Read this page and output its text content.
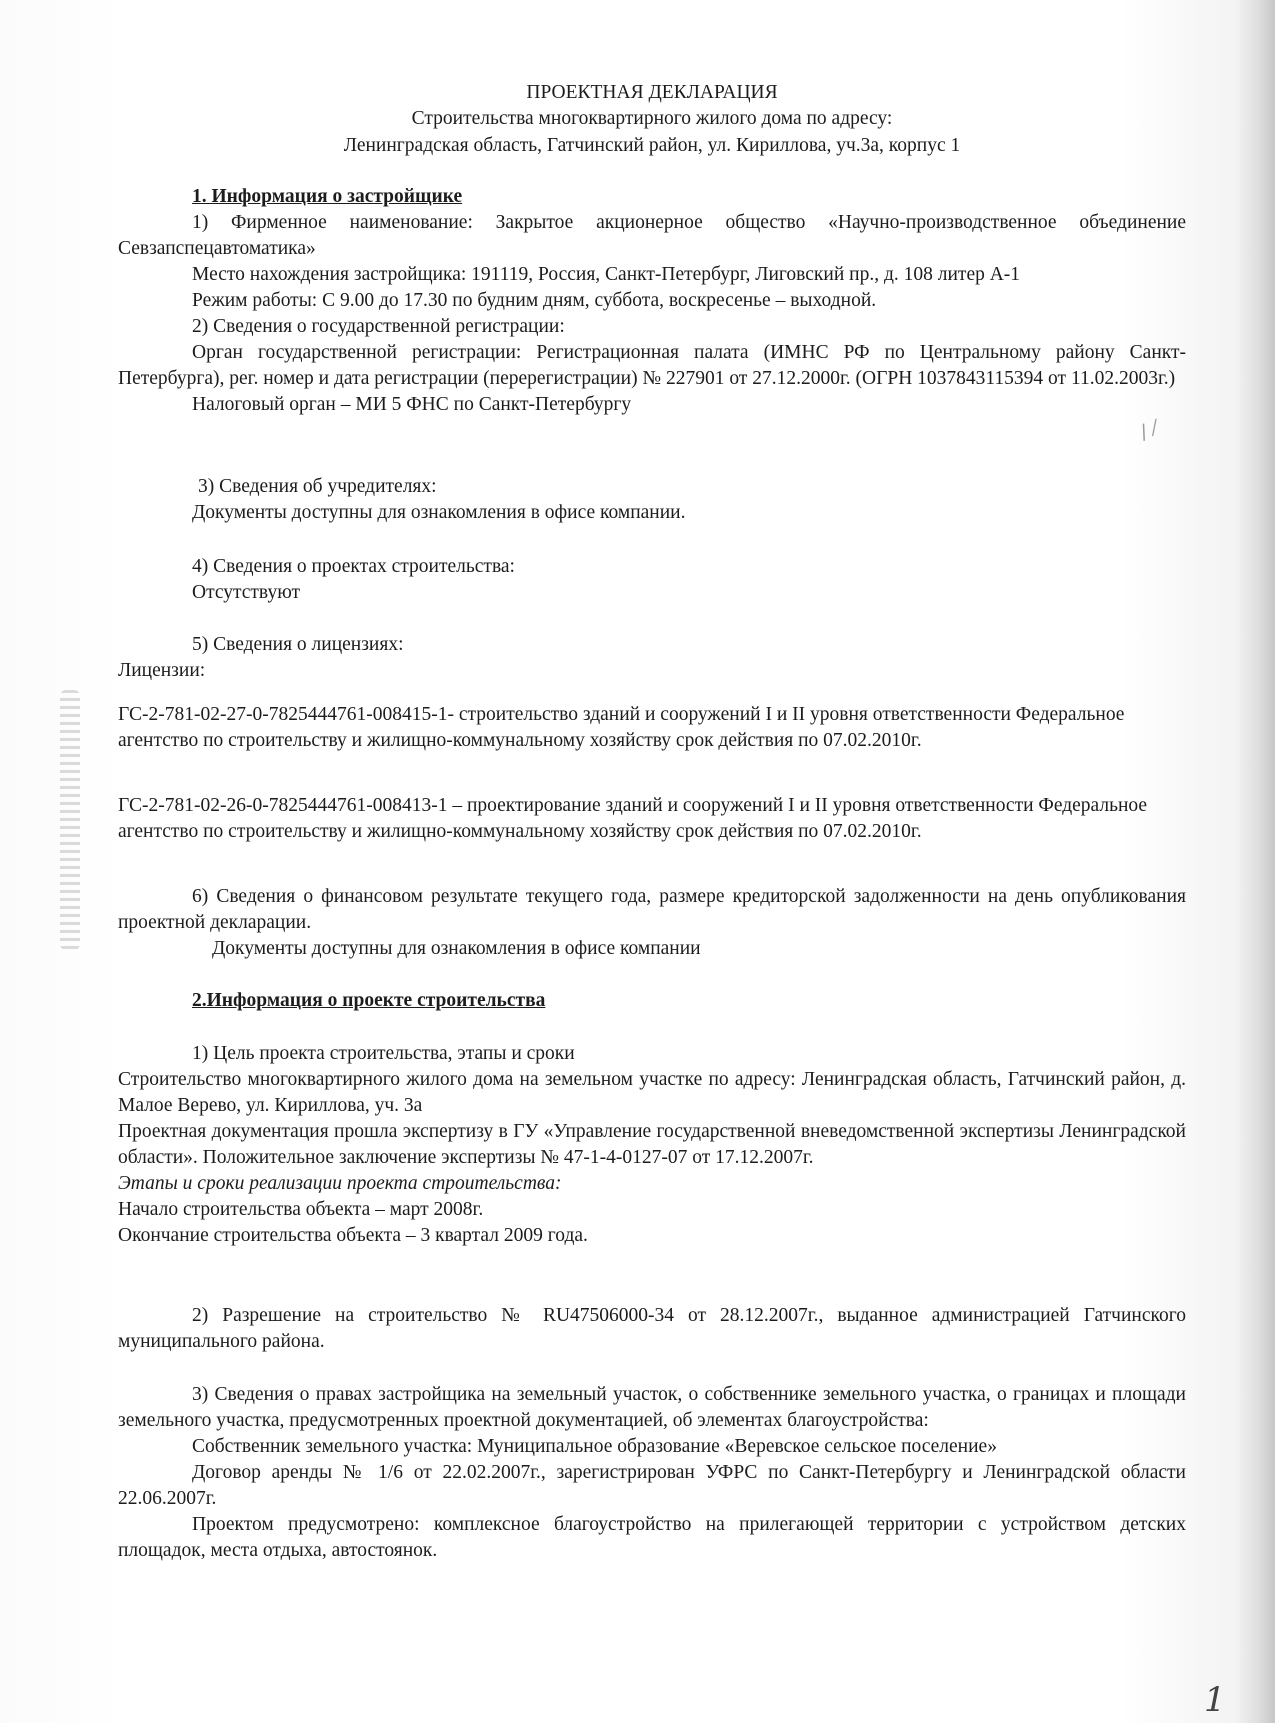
ПРОЕКТНАЯ ДЕКЛАРАЦИЯ
Строительства многоквартирного жилого дома по адресу:
Ленинградская область, Гатчинский район, ул. Кириллова, уч.3а, корпус 1

1. Информация о застройщике

1) Фирменное наименование: Закрытое акционерное общество «Научно-производственное объединение Севзапспецавтоматика»

Место нахождения застройщика: 191119, Россия, Санкт-Петербург, Лиговский пр., д. 108 литер А-1

Режим работы: С 9.00 до 17.30 по будним дням, суббота, воскресенье – выходной.

2) Сведения о государственной регистрации:

Орган государственной регистрации: Регистрационная палата (ИМНС РФ по Центральному району Санкт-Петербурга), рег. номер и дата регистрации (перерегистрации) № 227901 от 27.12.2000г. (ОГРН 1037843115394 от 11.02.2003г.)

Налоговый орган – МИ 5 ФНС по Санкт-Петербургу

3) Сведения об учредителях:

Документы доступны для ознакомления в офисе компании.

4) Сведения о проектах строительства:

Отсутствуют

5) Сведения о лицензиях:

Лицензии:

ГС-2-781-02-27-0-7825444761-008415-1- строительство зданий и сооружений I и II уровня ответственности Федеральное агентство по строительству и жилищно-коммунальному хозяйству срок действия по 07.02.2010г.
ГС-2-781-02-26-0-7825444761-008413-1 – проектирование зданий и сооружений I и II уровня ответственности Федеральное агентство по строительству и жилищно-коммунальному хозяйству срок действия по 07.02.2010г.

6) Сведения о финансовом результате текущего года, размере кредиторской задолженности на день опубликования проектной декларации.

Документы доступны для ознакомления в офисе компании

2.Информация о проекте строительства

1) Цель проекта строительства, этапы и сроки

Строительство многоквартирного жилого дома на земельном участке по адресу: Ленинградская область, Гатчинский район, д. Малое Верево, ул. Кириллова, уч. 3а

Проектная документация прошла экспертизу в ГУ «Управление государственной вневедомственной экспертизы Ленинградской области». Положительное заключение экспертизы № 47-1-4-0127-07 от 17.12.2007г.

Этапы и сроки реализации проекта строительства:

Начало строительства объекта – март 2008г.

Окончание строительства объекта – 3 квартал 2009 года.

2) Разрешение на строительство № RU47506000-34 от 28.12.2007г., выданное администрацией Гатчинского муниципального района.

3) Сведения о правах застройщика на земельный участок, о собственнике земельного участка, о границах и площади земельного участка, предусмотренных проектной документацией, об элементах благоустройства:

Собственник земельного участка: Муниципальное образование «Веревское сельское поселение»

Договор аренды № 1/6 от 22.02.2007г., зарегистрирован УФРС по Санкт-Петербургу и Ленинградской области 22.06.2007г.

Проектом предусмотрено: комплексное благоустройство на прилегающей территории с устройством детских площадок, места отдыха, автостоянок.

1
/ ⁄
